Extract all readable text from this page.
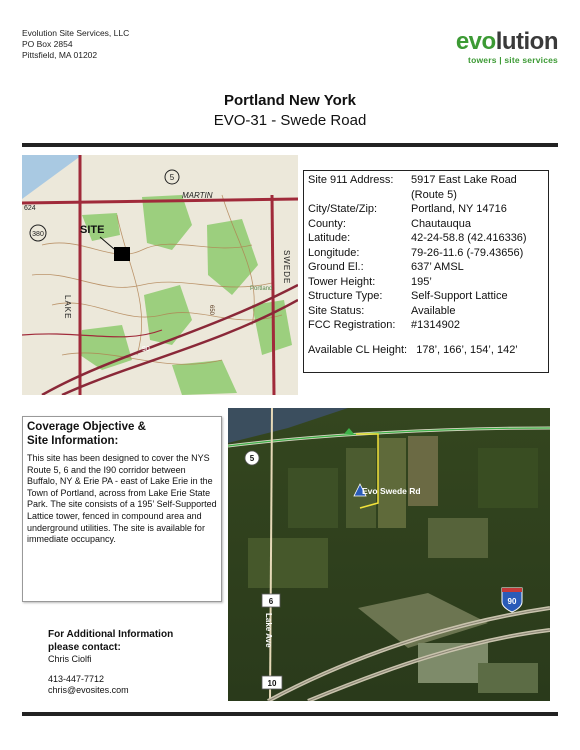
Evolution Site Services, LLC
PO Box 2854
Pittsfield, MA 01202	evolution
towers | site services
Portland New York
EVO-31 - Swede Road
5
380
MARTIN
624
SITE
Portland
LAKE
SWEDE
650
90
Site 911 Address:	5917 East Lake Road (Route 5)
City/State/Zip:	Portland, NY 14716
County:	Chautauqua
Latitude:	42-24-58.8 (42.416336)
Longitude:	79-26-11.6 (-79.43656)
Ground El.:	637’ AMSL
Tower Height:	195’
Structure Type:	Self-Support Lattice
Site Status:	Available
FCC Registration:	#1314902
Available CL Height:   178’, 166’, 154’, 142’
Coverage Objective &
Site Information:

This site has been designed to cover the NYS Route 5, 6 and the I90 corridor between Buffalo, NY & Erie PA - east of Lake Erie in the Town of Portland, across from Lake Erie State Park. The site consists of a 195’ Self-Supported Lattice tower, fenced in compound area and underground utilities. The site is available for immediate occupancy.

Evo Swede Rd
5
6
Lake Ave
10
90
For Additional Information
please contact:
Chris Ciolfi
413-447-7712
chris@evosites.com
